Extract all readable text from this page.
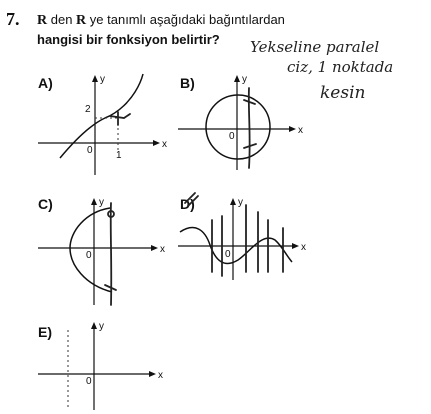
7. R den R ye tanımlı aşağıdaki bağıntılardan
hangisi bir fonksiyon belirtir? Yekseline paralel
ciz, 1 noktada
kesin
A)	B)
C)	D)
E)
x
y
0
2
1
x
y
0
x
y
0
x
y
0
x
y
0
